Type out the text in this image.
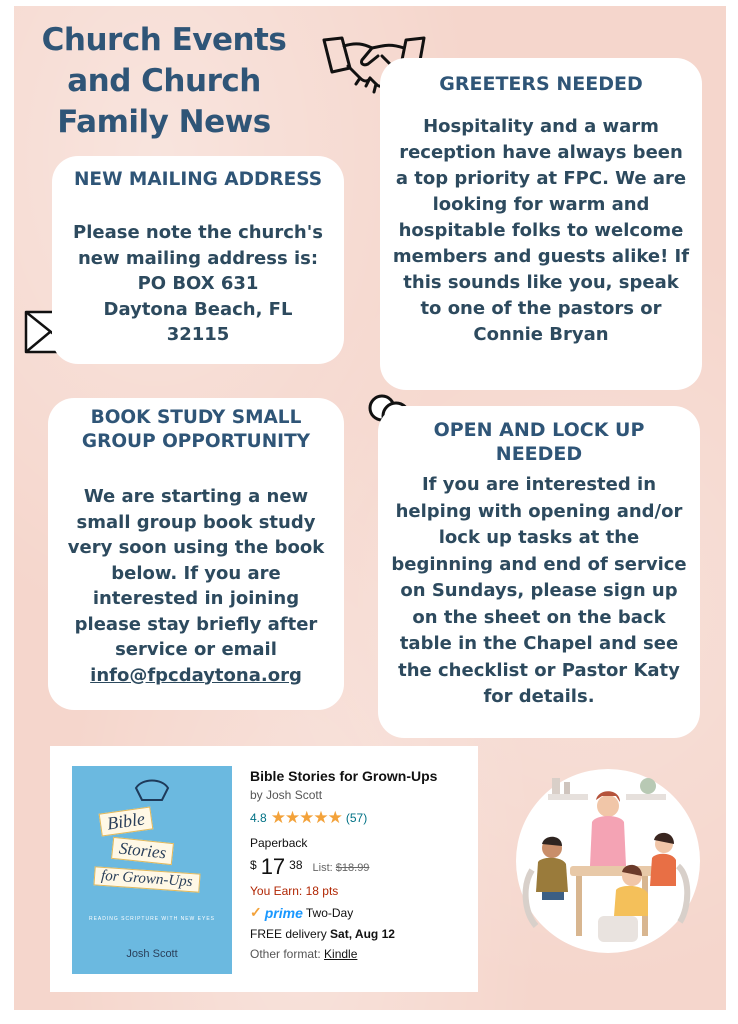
Church Events
and Church
Family News
NEW MAILING ADDRESS

Please note the church's new mailing address is:

PO BOX 631

Daytona Beach, FL

32115

GREETERS NEEDED

Hospitality and a warm reception have always been a top priority at FPC. We are looking for warm and hospitable folks to welcome members and guests alike! If this sounds like you, speak to one of the pastors or Connie Bryan

BOOK STUDY SMALL GROUP OPPORTUNITY

We are starting a new small group book study very soon using the book below. If you are interested in joining please stay briefly after service or email

info@fpcdaytona.org

OPEN AND LOCK UP NEEDED

If you are interested in helping with opening and/or lock up tasks at the beginning and end of service on Sundays, please sign up on the sheet on the back table in the Chapel and see the checklist or Pastor Katy for details.

Bible
Stories
for Grown-Ups
READING SCRIPTURE WITH NEW EYES
Josh Scott
Bible Stories for Grown-Ups
by Josh Scott
4.8 ★★★★★ (57)
Paperback
$ 17 38 List: $18.99
You Earn: 18 pts
✓ prime Two-Day
FREE delivery Sat, Aug 12
Other format: Kindle
